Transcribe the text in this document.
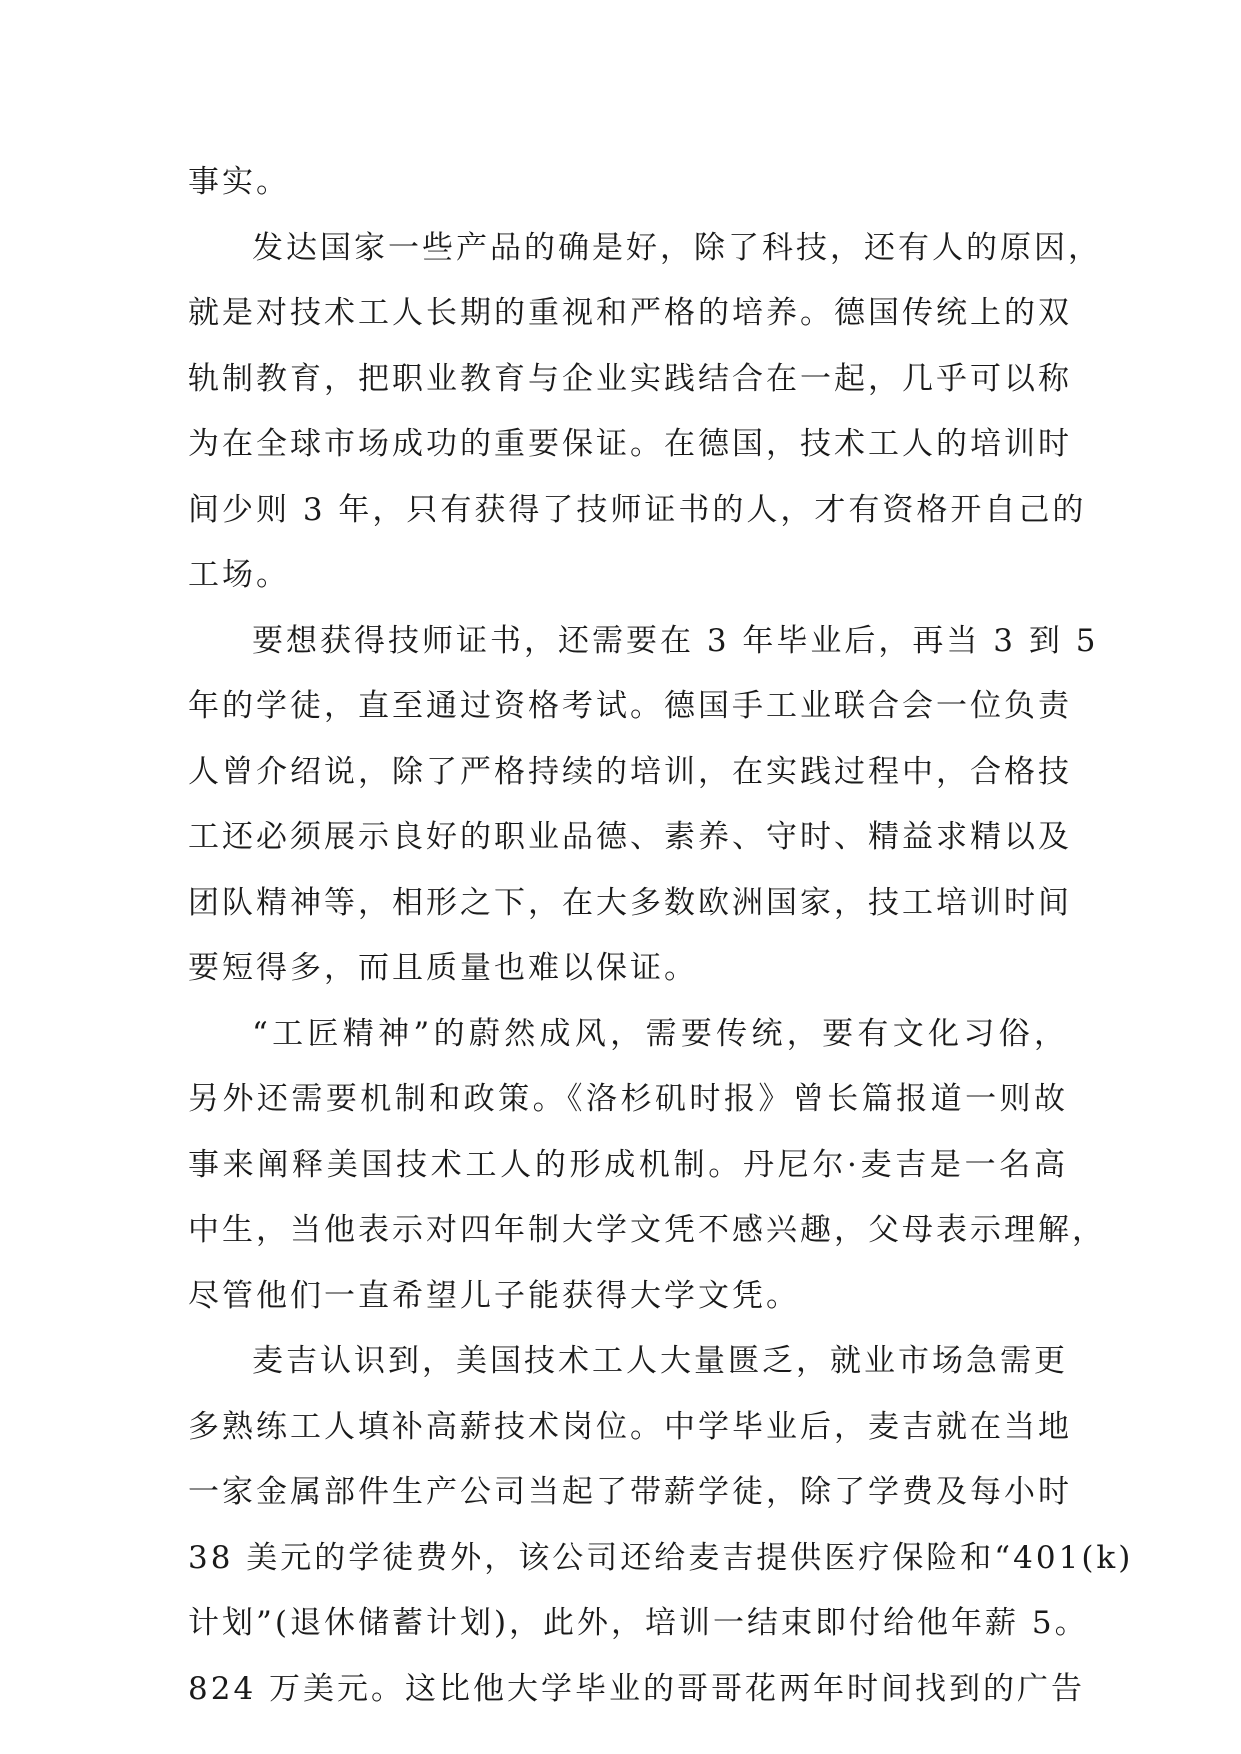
事实。
发达国家一些产品的确是好，除了科技，还有人的原因，
就是对技术工人长期的重视和严格的培养。德国传统上的双
轨制教育，把职业教育与企业实践结合在一起，几乎可以称
为在全球市场成功的重要保证。在德国，技术工人的培训时
间少则 3 年，只有获得了技师证书的人，才有资格开自己的
工场。
要想获得技师证书，还需要在 3 年毕业后，再当 3 到 5
年的学徒，直至通过资格考试。德国手工业联合会一位负责
人曾介绍说，除了严格持续的培训，在实践过程中，合格技
工还必须展示良好的职业品德、素养、守时、精益求精以及
团队精神等，相形之下，在大多数欧洲国家，技工培训时间
要短得多，而且质量也难以保证。
“工匠精神”的蔚然成风，需要传统，要有文化习俗，
另外还需要机制和政策。《洛杉矶时报》曾长篇报道一则故
事来阐释美国技术工人的形成机制。丹尼尔·麦吉是一名高
中生，当他表示对四年制大学文凭不感兴趣，父母表示理解，
尽管他们一直希望儿子能获得大学文凭。
麦吉认识到，美国技术工人大量匮乏，就业市场急需更
多熟练工人填补高薪技术岗位。中学毕业后，麦吉就在当地
一家金属部件生产公司当起了带薪学徒，除了学费及每小时
38 美元的学徒费外，该公司还给麦吉提供医疗保险和“401(k)
计划”(退休储蓄计划)，此外，培训一结束即付给他年薪 5。
824 万美元。这比他大学毕业的哥哥花两年时间找到的广告
